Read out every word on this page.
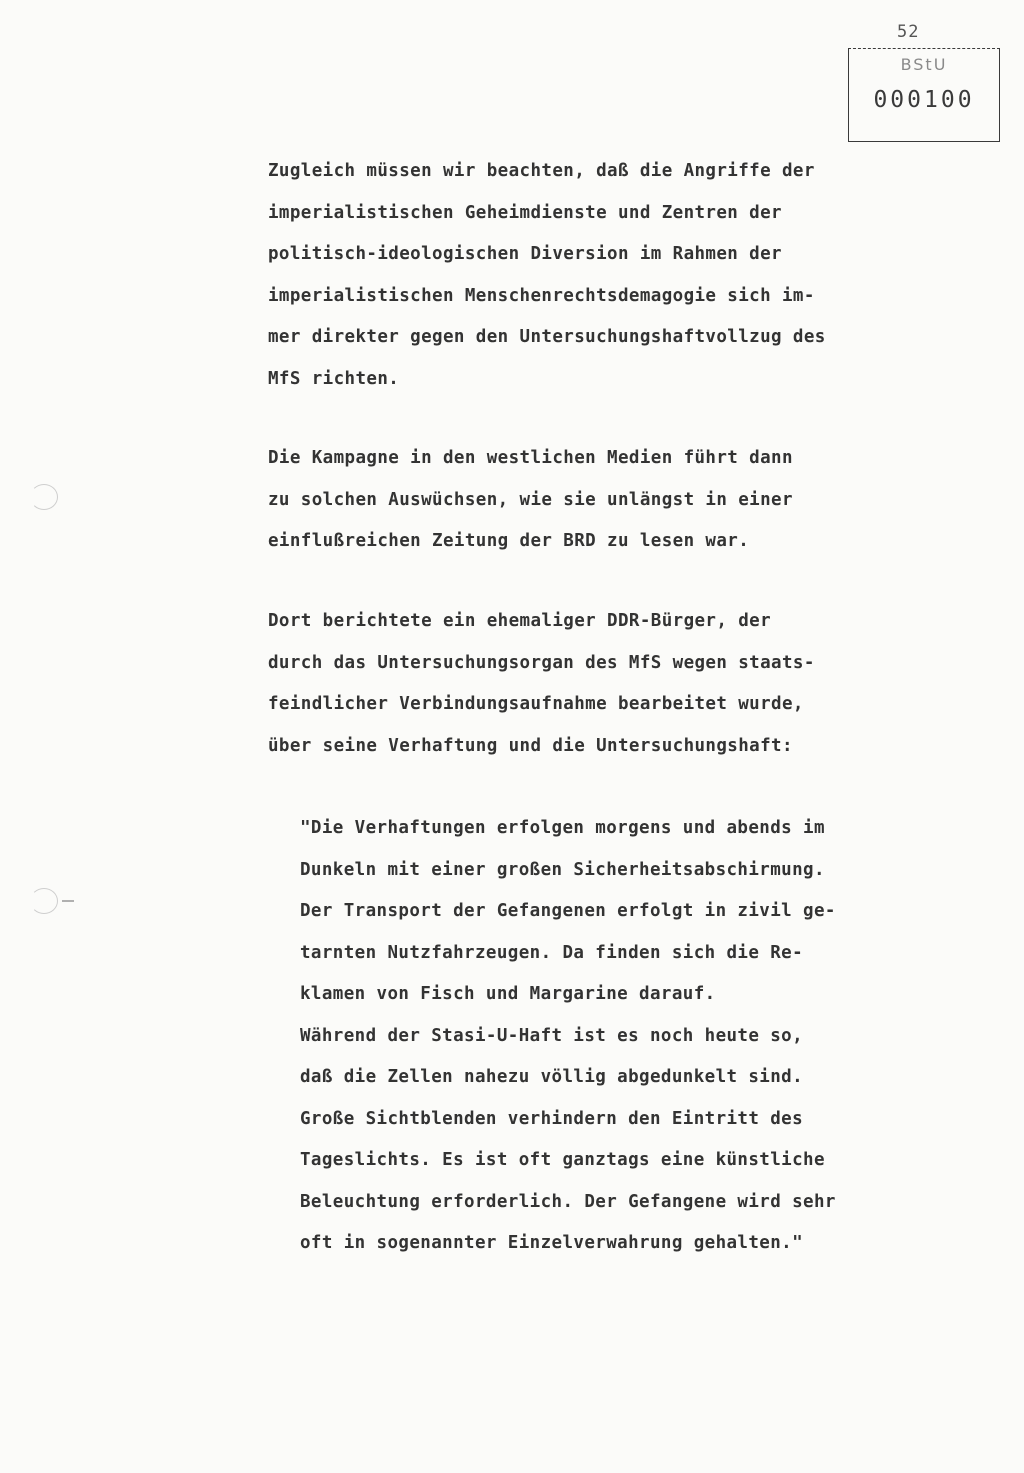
52
BStU
000100
Zugleich müssen wir beachten, daß die Angriffe der
imperialistischen Geheimdienste und Zentren der
politisch-ideologischen Diversion im Rahmen der
imperialistischen Menschenrechtsdemagogie sich im-
mer direkter gegen den Untersuchungshaftvollzug des
MfS richten.
Die Kampagne in den westlichen Medien führt dann
zu solchen Auswüchsen, wie sie unlängst in einer
einflußreichen Zeitung der BRD zu lesen war.
Dort berichtete ein ehemaliger DDR-Bürger, der
durch das Untersuchungsorgan des MfS wegen staats-
feindlicher Verbindungsaufnahme bearbeitet wurde,
über seine Verhaftung und die Untersuchungshaft:
"Die Verhaftungen erfolgen morgens und abends im
Dunkeln mit einer großen Sicherheitsabschirmung.
Der Transport der Gefangenen erfolgt in zivil ge-
tarnten Nutzfahrzeugen. Da finden sich die Re-
klamen von Fisch und Margarine darauf.
Während der Stasi-U-Haft ist es noch heute so,
daß die Zellen nahezu völlig abgedunkelt sind.
Große Sichtblenden verhindern den Eintritt des
Tageslichts. Es ist oft ganztags eine künstliche
Beleuchtung erforderlich. Der Gefangene wird sehr
oft in sogenannter Einzelverwahrung gehalten."
